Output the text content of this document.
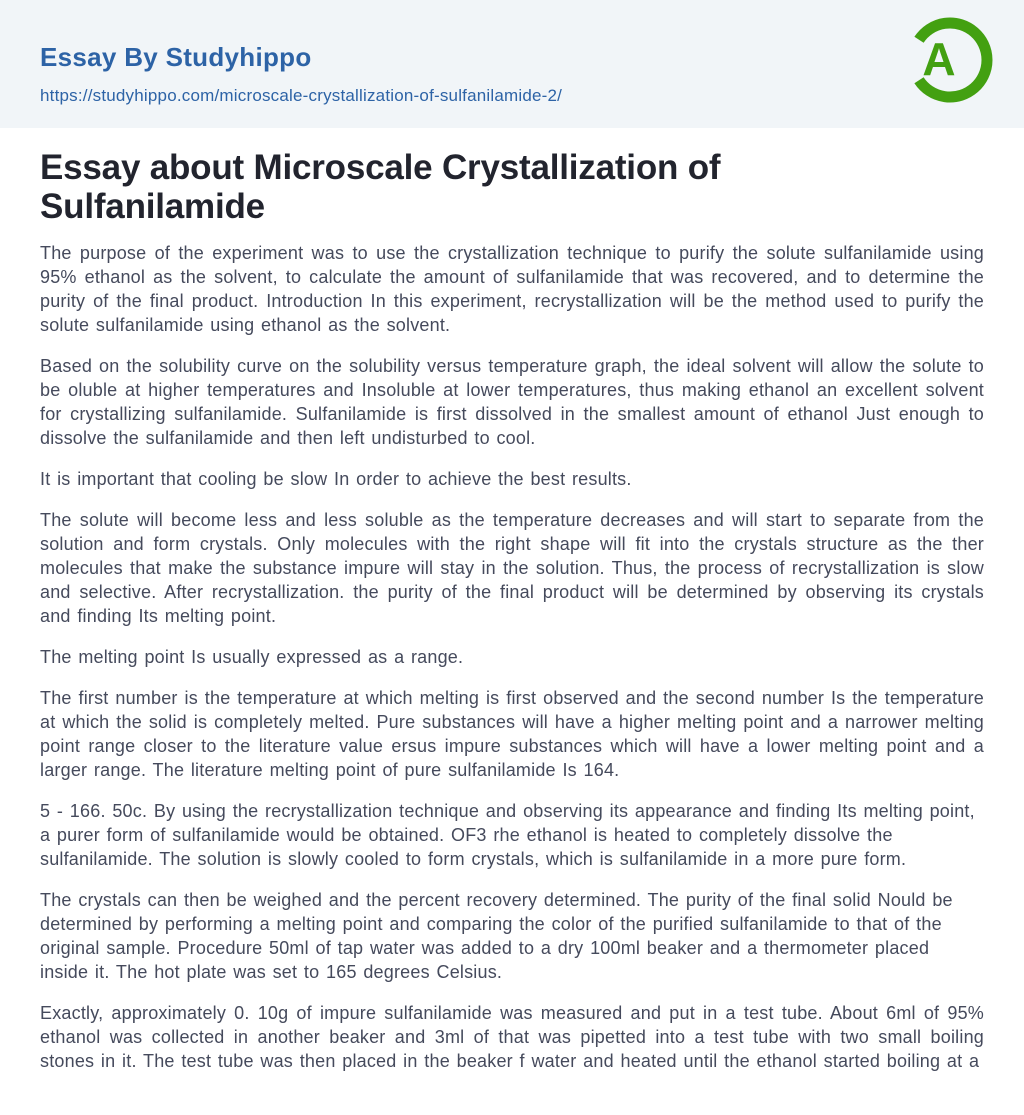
Essay By Studyhippo
https://studyhippo.com/microscale-crystallization-of-sulfanilamide-2/
A
Essay about Microscale Crystallization of Sulfanilamide

The purpose of the experiment was to use the crystallization technique to purify the solute sulfanilamide using 95% ethanol as the solvent, to calculate the amount of sulfanilamide that was recovered, and to determine the purity of the final product. Introduction In this experiment, recrystallization will be the method used to purify the solute sulfanilamide using ethanol as the solvent.

Based on the solubility curve on the solubility versus temperature graph, the ideal solvent will allow the solute to be oluble at higher temperatures and Insoluble at lower temperatures, thus making ethanol an excellent solvent for crystallizing sulfanilamide. Sulfanilamide is first dissolved in the smallest amount of ethanol Just enough to dissolve the sulfanilamide and then left undisturbed to cool.

It is important that cooling be slow In order to achieve the best results.

The solute will become less and less soluble as the temperature decreases and will start to separate from the solution and form crystals. Only molecules with the right shape will fit into the crystals structure as the ther molecules that make the substance impure will stay in the solution. Thus, the process of recrystallization is slow and selective. After recrystallization. the purity of the final product will be determined by observing its crystals and finding Its melting point.

The melting point Is usually expressed as a range.

The first number is the temperature at which melting is first observed and the second number Is the temperature at which the solid is completely melted. Pure substances will have a higher melting point and a narrower melting point range closer to the literature value ersus impure substances which will have a lower melting point and a larger range. The literature melting point of pure sulfanilamide Is 164.

5 - 166. 50c. By using the recrystallization technique and observing its appearance and finding Its melting point, a purer form of sulfanilamide would be obtained. OF3 rhe ethanol is heated to completely dissolve the sulfanilamide. The solution is slowly cooled to form crystals, which is sulfanilamide in a more pure form.

The crystals can then be weighed and the percent recovery determined. The purity of the final solid Nould be determined by performing a melting point and comparing the color of the purified sulfanilamide to that of the original sample. Procedure 50ml of tap water was added to a dry 100ml beaker and a thermometer placed inside it. The hot plate was set to 165 degrees Celsius.

Exactly, approximately 0. 10g of impure sulfanilamide was measured and put in a test tube. About 6ml of 95% ethanol was collected in another beaker and 3ml of that was pipetted into a test tube with two small boiling stones in it. The test tube was then placed in the beaker f water and heated until the ethanol started boiling at a
